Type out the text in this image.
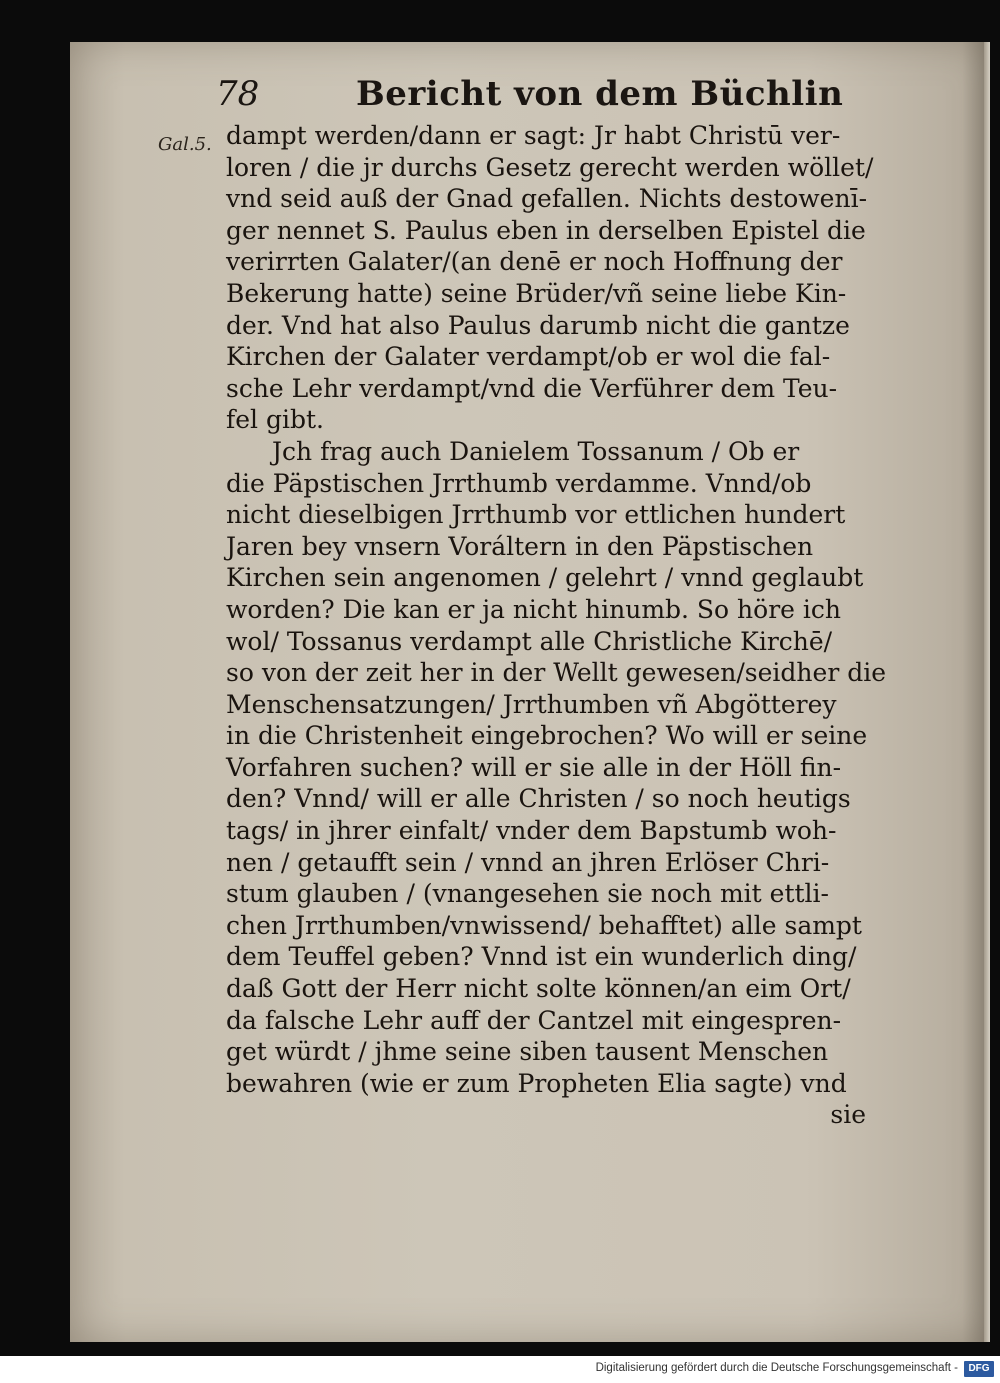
78	Bericht von dem Büchlin
Gal.5. dampt werden/dann er sagt: Jr habt Christū ver-
loren / die jr durchs Gesetz gerecht werden wöllet/
vnd seid auß der Gnad gefallen. Nichts destowenī-
ger nennet S. Paulus eben in derselben Epistel die
verirrten Galater/(an denē er noch Hoffnung der
Bekerung hatte) seine Brüder/vñ seine liebe Kin-
der. Vnd hat also Paulus darumb nicht die gantze
Kirchen der Galater verdampt/ob er wol die fal-
sche Lehr verdampt/vnd die Verführer dem Teu-
fel gibt.
Jch frag auch Danielem Tossanum / Ob er
die Päpstischen Jrrthumb verdamme. Vnnd/ob
nicht dieselbigen Jrrthumb vor ettlichen hundert
Jaren bey vnsern Voráltern in den Päpstischen
Kirchen sein angenomen / gelehrt / vnnd geglaubt
worden? Die kan er ja nicht hinumb. So höre ich
wol/ Tossanus verdampt alle Christliche Kirchē/
so von der zeit her in der Wellt gewesen/seidher die
Menschensatzungen/ Jrrthumben vñ Abgötterey
in die Christenheit eingebrochen? Wo will er seine
Vorfahren suchen? will er sie alle in der Höll fin-
den? Vnnd/ will er alle Christen / so noch heutigs
tags/ in jhrer einfalt/ vnder dem Bapstumb woh-
nen / getaufft sein / vnnd an jhren Erlöser Chri-
stum glauben / (vnangesehen sie noch mit ettli-
chen Jrrthumben/vnwissend/ behafftet) alle sampt
dem Teuffel geben? Vnnd ist ein wunderlich ding/
daß Gott der Herr nicht solte können/an eim Ort/
da falsche Lehr auff der Cantzel mit eingespren-
get würdt / jhme seine siben tausent Menschen
bewahren (wie er zum Propheten Elia sagte) vnd
sie
Digitalisierung gefördert durch die Deutsche Forschungsgemeinschaft -	DFG
